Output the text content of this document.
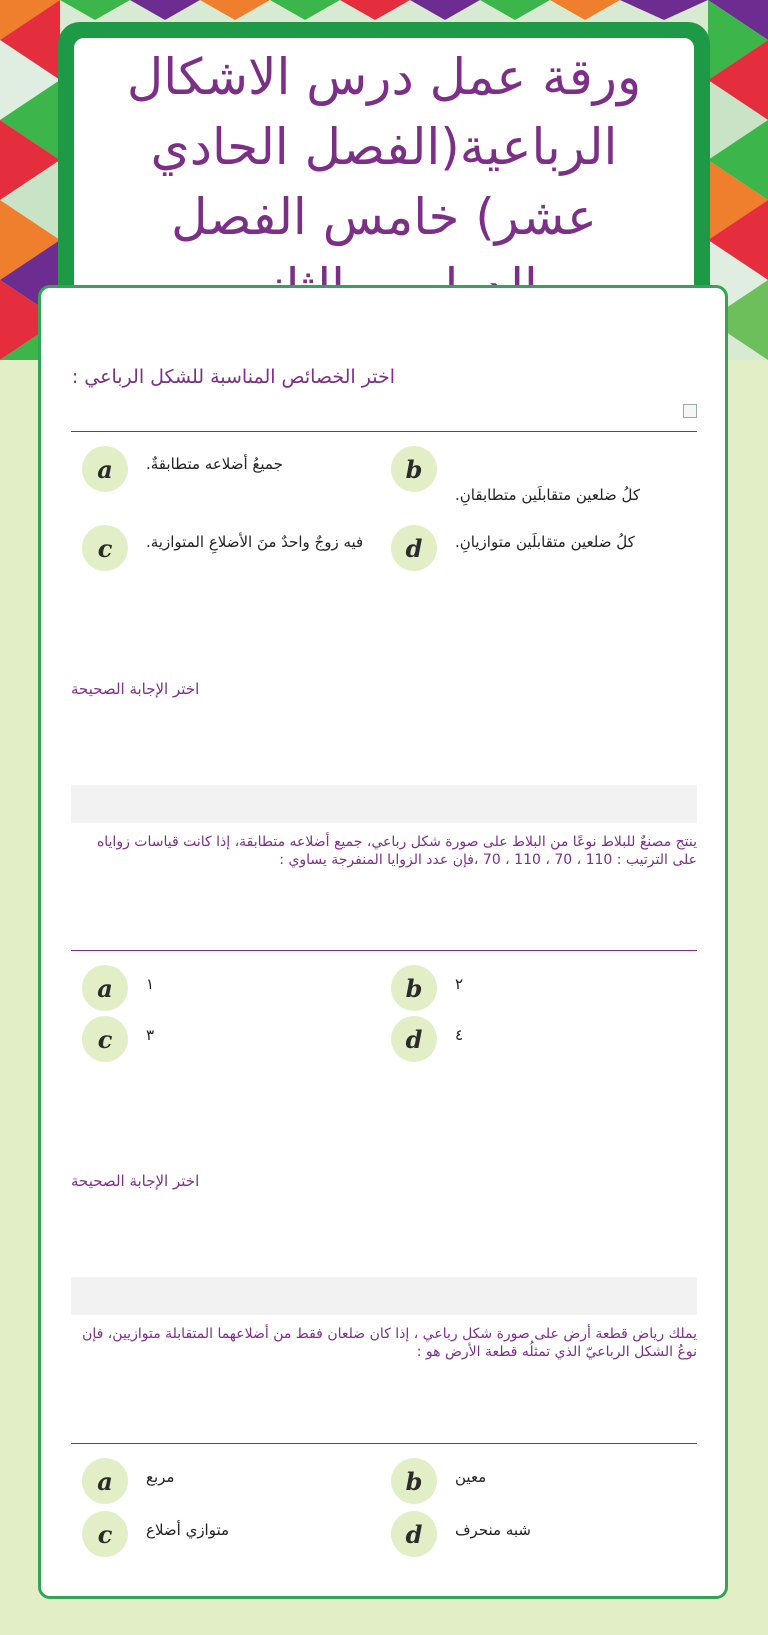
ورقة عمل درس الاشكال الرباعية(الفصل الحادي عشر) خامس الفصل
اختر الخصائص المناسبة للشكل الرباعي :
a	جميعُ أضلاعه متطابقةٌ.	b
كلُ ضلعين متقابلَين متطابقانِ.
c	فيه زوجٌ واحدٌ منَ الأضلاعِ المتوازية.	d	كلُ ضلعين متقابلَين متوازيانِ.
اختر الإجابة الصحيحة
ينتج مصنعٌ للبلاط نوعًا من البلاط على صورة شكل رباعي، جميع أضلاعه متطابقة، إذا كانت قياسات زواياه على الترتيب : 110 ، 70 ، 110 ، 70 ،فإن عدد الزوايا المنفرجة يساوي :
a	١	b	٢
c	٣	d	٤
اختر الإجابة الصحيحة
يملك رياض قطعة أرض على صورة شكل رباعي ، إذا كان ضلعان فقط من أضلاعهما المتقابلة متوازيين، فإن نوعُ الشكل الرباعيّ الذي تمثلُه قطعة الأرض هو :
a	مربع	b	معين
c	متوازي أضلاع	d	شبه منحرف
